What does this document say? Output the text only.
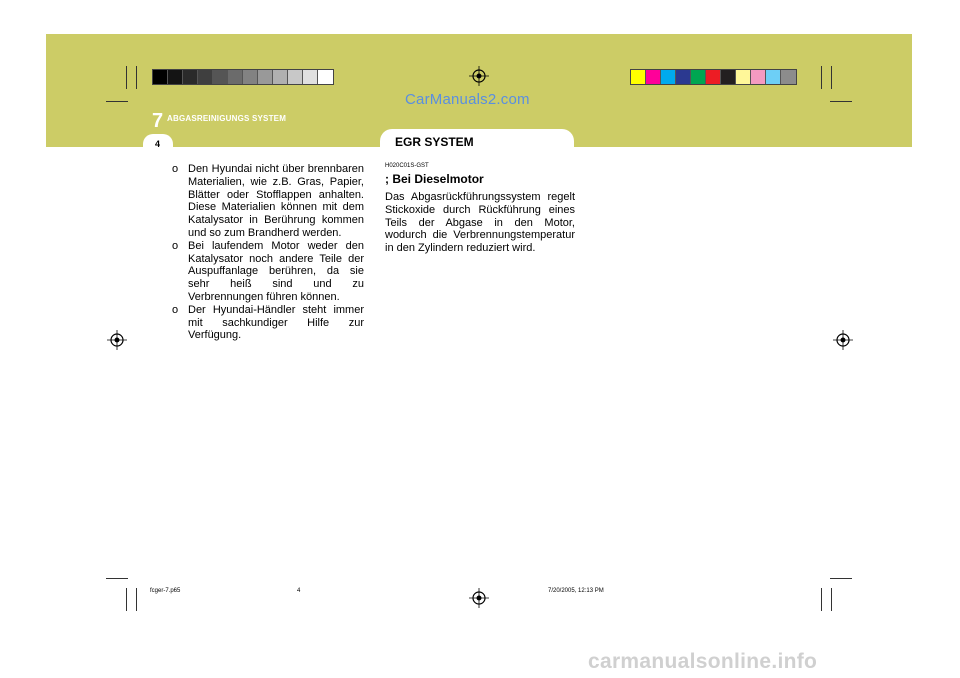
CarManuals2.com
7 ABGASREINIGUNGS SYSTEM
4	EGR SYSTEM

o Den Hyundai nicht über brennbaren Materialien, wie z.B. Gras, Papier, Blätter oder Stofflappen anhalten. Diese Materialien können mit dem Katalysator in Berührung kommen und so zum Brandherd werden.

o Bei laufendem Motor weder den Katalysator noch andere Teile der Auspuffanlage berühren, da sie sehr heiß sind und zu Verbrennungen führen können.

o Der Hyundai-Händler steht immer mit sachkundiger Hilfe zur Verfügung.

H020C01S-GST

; Bei Dieselmotor

Das Abgasrückführungssystem regelt Stickoxide durch Rückführung eines Teils der Abgase in den Motor, wodurch die Verbrennungstemperatur in den Zylindern reduziert wird.

fcger-7.p65	4	7/20/2005, 12:13 PM
carmanualsonline.info
